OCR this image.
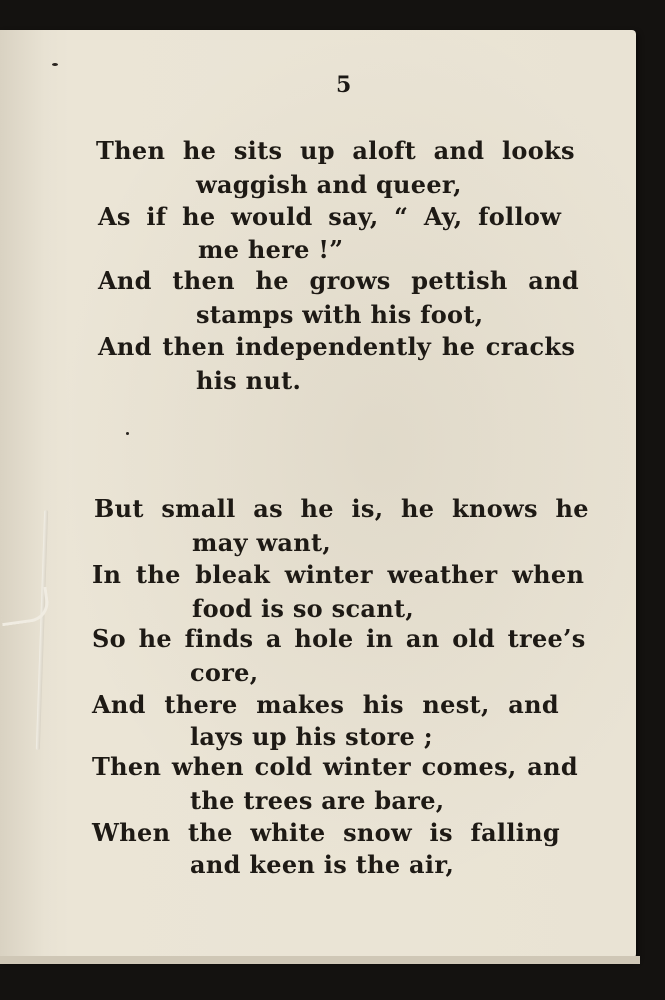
5
Then he sits up aloft and looks
waggish and queer,
As if he would say, “ Ay, follow
me here !”
And then he grows pettish and
stamps with his foot,
And then independently he cracks
his nut.
But small as he is, he knows he
may want,
In the bleak winter weather when
food is so scant,
So he finds a hole in an old tree’s
core,
And there makes his nest, and
lays up his store ;
Then when cold winter comes, and
the trees are bare,
When the white snow is falling
and keen is the air,
